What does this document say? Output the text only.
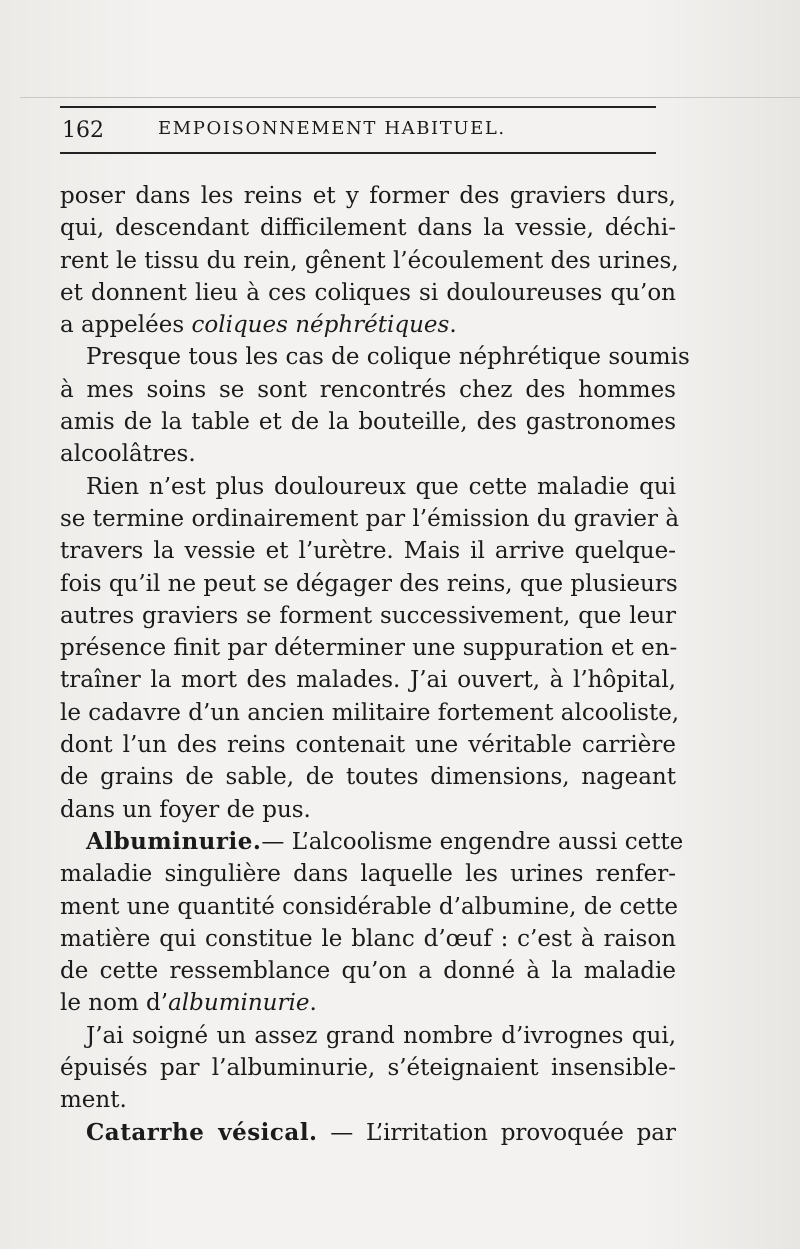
162	EMPOISONNEMENT HABITUEL.
poser dans les reins et y former des graviers durs,
qui, descendant difficilement dans la vessie, déchi-
rent le tissu du rein, gênent l’écoulement des urines,
et donnent lieu à ces coliques si douloureuses qu’on
a appelées coliques néphrétiques.
Presque tous les cas de colique néphrétique soumis
à mes soins se sont rencontrés chez des hommes
amis de la table et de la bouteille, des gastronomes
alcoolâtres.
Rien n’est plus douloureux que cette maladie qui
se termine ordinairement par l’émission du gravier à
travers la vessie et l’urètre. Mais il arrive quelque-
fois qu’il ne peut se dégager des reins, que plusieurs
autres graviers se forment successivement, que leur
présence finit par déterminer une suppuration et en-
traîner la mort des malades. J’ai ouvert, à l’hôpital,
le cadavre d’un ancien militaire fortement alcooliste,
dont l’un des reins contenait une véritable carrière
de grains de sable, de toutes dimensions, nageant
dans un foyer de pus.
Albuminurie.— L’alcoolisme engendre aussi cette
maladie singulière dans laquelle les urines renfer-
ment une quantité considérable d’albumine, de cette
matière qui constitue le blanc d’œuf : c’est à raison
de cette ressemblance qu’on a donné à la maladie
le nom d’albuminurie.
J’ai soigné un assez grand nombre d’ivrognes qui,
épuisés par l’albuminurie, s’éteignaient insensible-
ment.
Catarrhe vésical. — L’irritation provoquée par
